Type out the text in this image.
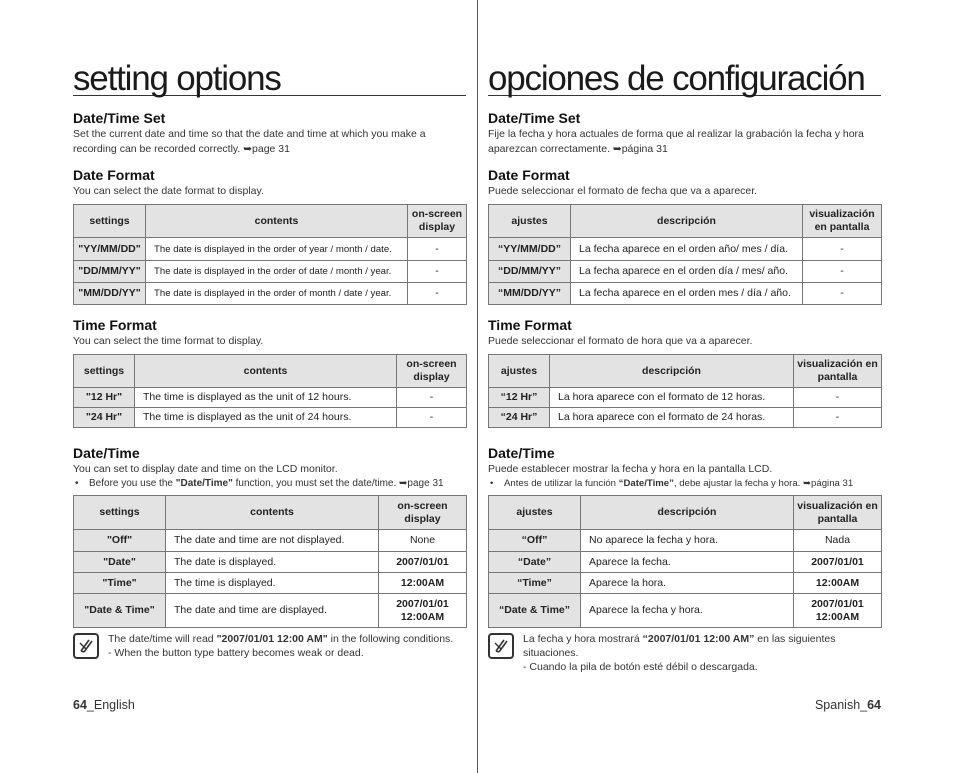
setting options
Date/Time Set

Set the current date and time so that the date and time at which you make a recording can be recorded correctly. ➥page 31

Date Format

You can select the date format to display.

settings	contents	on-screen display
"YY/MM/DD"	The date is displayed in the order of year / month / date.	-
"DD/MM/YY"	The date is displayed in the order of date / month / year.	-
"MM/DD/YY"	The date is displayed in the order of month / date / year.	-
Time Format

You can select the time format to display.

settings	contents	on-screen display
"12 Hr"	The time is displayed as the unit of 12 hours.	-
"24 Hr"	The time is displayed as the unit of 24 hours.	-
Date/Time

You can set to display date and time on the LCD monitor.

• Before you use the "Date/Time" function, you must set the date/time. ➥page 31
settings	contents	on-screen display
"Off"	The date and time are not displayed.	None
"Date"	The date is displayed.	2007/01/01
"Time"	The time is displayed.	12:00AM
"Date & Time"	The date and time are displayed.	2007/01/01
12:00AM
The date/time will read "2007/01/01 12:00 AM" in the following conditions.
- When the button type battery becomes weak or dead.
64_English
opciones de configuración
Date/Time Set

Fije la fecha y hora actuales de forma que al realizar la grabación la fecha y hora aparezcan correctamente. ➥página 31

Date Format

Puede seleccionar el formato de fecha que va a aparecer.

ajustes	descripción	visualización en pantalla
“YY/MM/DD”	La fecha aparece en el orden año/ mes / día.	-
“DD/MM/YY”	La fecha aparece en el orden día / mes/ año.	-
“MM/DD/YY”	La fecha aparece en el orden mes / día / año.	-
Time Format

Puede seleccionar el formato de hora que va a aparecer.

ajustes	descripción	visualización en pantalla
“12 Hr”	La hora aparece con el formato de 12 horas.	-
“24 Hr”	La hora aparece con el formato de 24 horas.	-
Date/Time

Puede establecer mostrar la fecha y hora en la pantalla LCD.

• Antes de utilizar la función “Date/Time”, debe ajustar la fecha y hora. ➥página 31
ajustes	descripción	visualización en pantalla
“Off”	No aparece la fecha y hora.	Nada
“Date”	Aparece la fecha.	2007/01/01
“Time”	Aparece la hora.	12:00AM
“Date & Time”	Aparece la fecha y hora.	2007/01/01
12:00AM
La fecha y hora mostrará “2007/01/01 12:00 AM” en las siguientes situaciones.
- Cuando la pila de botón esté débil o descargada.
Spanish_64
